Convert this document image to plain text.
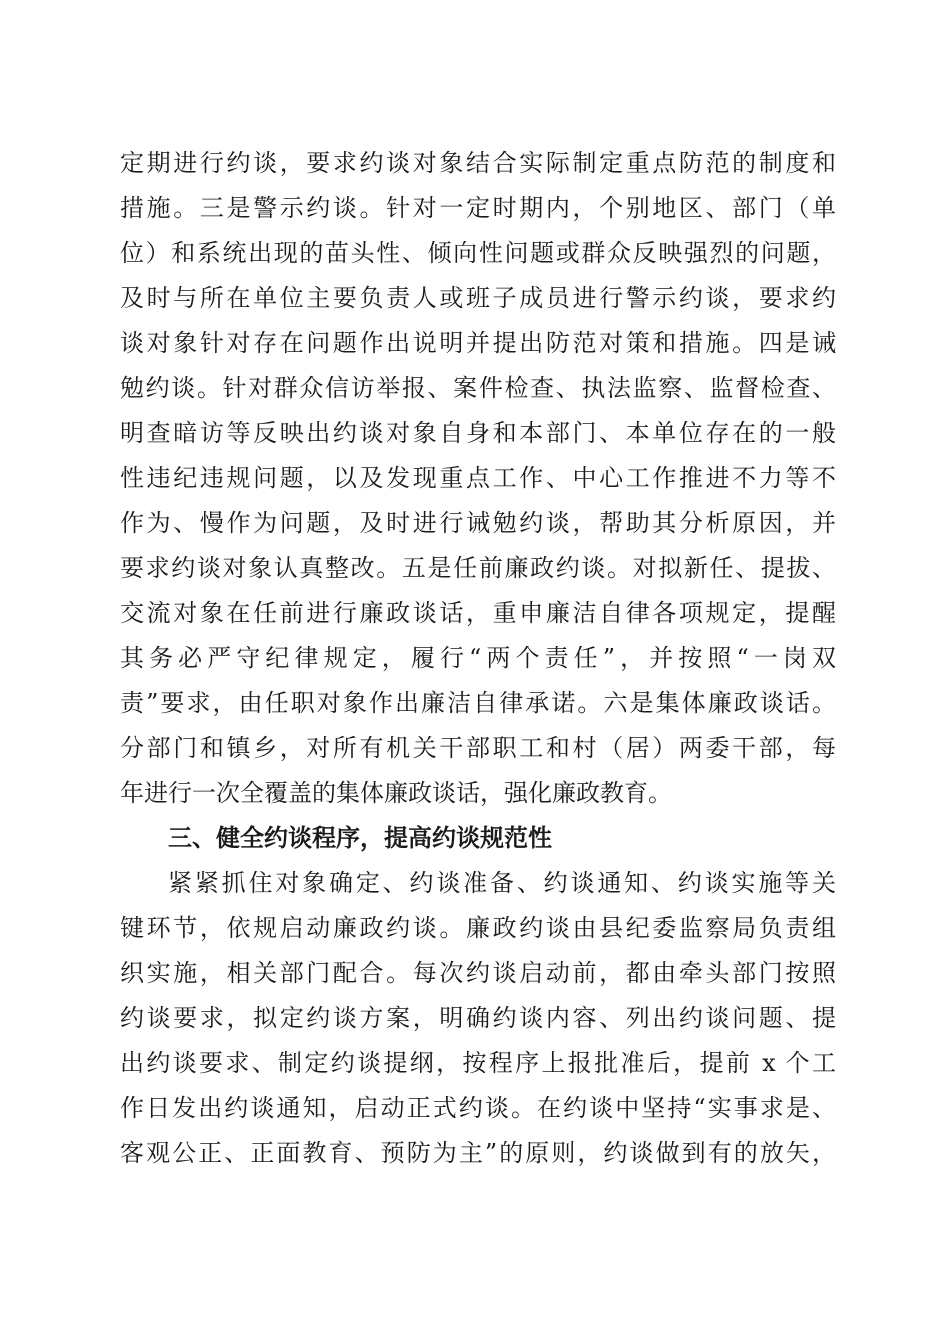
定期进行约谈，要求约谈对象结合实际制定重点防范的制度和
措施。三是警示约谈。针对一定时期内，个别地区、部门（单
位）和系统出现的苗头性、倾向性问题或群众反映强烈的问题，
及时与所在单位主要负责人或班子成员进行警示约谈，要求约
谈对象针对存在问题作出说明并提出防范对策和措施。四是诫
勉约谈。针对群众信访举报、案件检查、执法监察、监督检查、
明查暗访等反映出约谈对象自身和本部门、本单位存在的一般
性违纪违规问题，以及发现重点工作、中心工作推进不力等不
作为、慢作为问题，及时进行诫勉约谈，帮助其分析原因，并
要求约谈对象认真整改。五是任前廉政约谈。对拟新任、提拔、
交流对象在任前进行廉政谈话，重申廉洁自律各项规定，提醒
其务必严守纪律规定，履行“两个责任”，并按照“一岗双
责”要求，由任职对象作出廉洁自律承诺。六是集体廉政谈话。
分部门和镇乡，对所有机关干部职工和村（居）两委干部，每
年进行一次全覆盖的集体廉政谈话，强化廉政教育。
三、健全约谈程序，提高约谈规范性
紧紧抓住对象确定、约谈准备、约谈通知、约谈实施等关
键环节，依规启动廉政约谈。廉政约谈由县纪委监察局负责组
织实施，相关部门配合。每次约谈启动前，都由牵头部门按照
约谈要求，拟定约谈方案，明确约谈内容、列出约谈问题、提
出约谈要求、制定约谈提纲，按程序上报批准后，提前 x 个工
作日发出约谈通知，启动正式约谈。在约谈中坚持“实事求是、
客观公正、正面教育、预防为主”的原则，约谈做到有的放矢，
